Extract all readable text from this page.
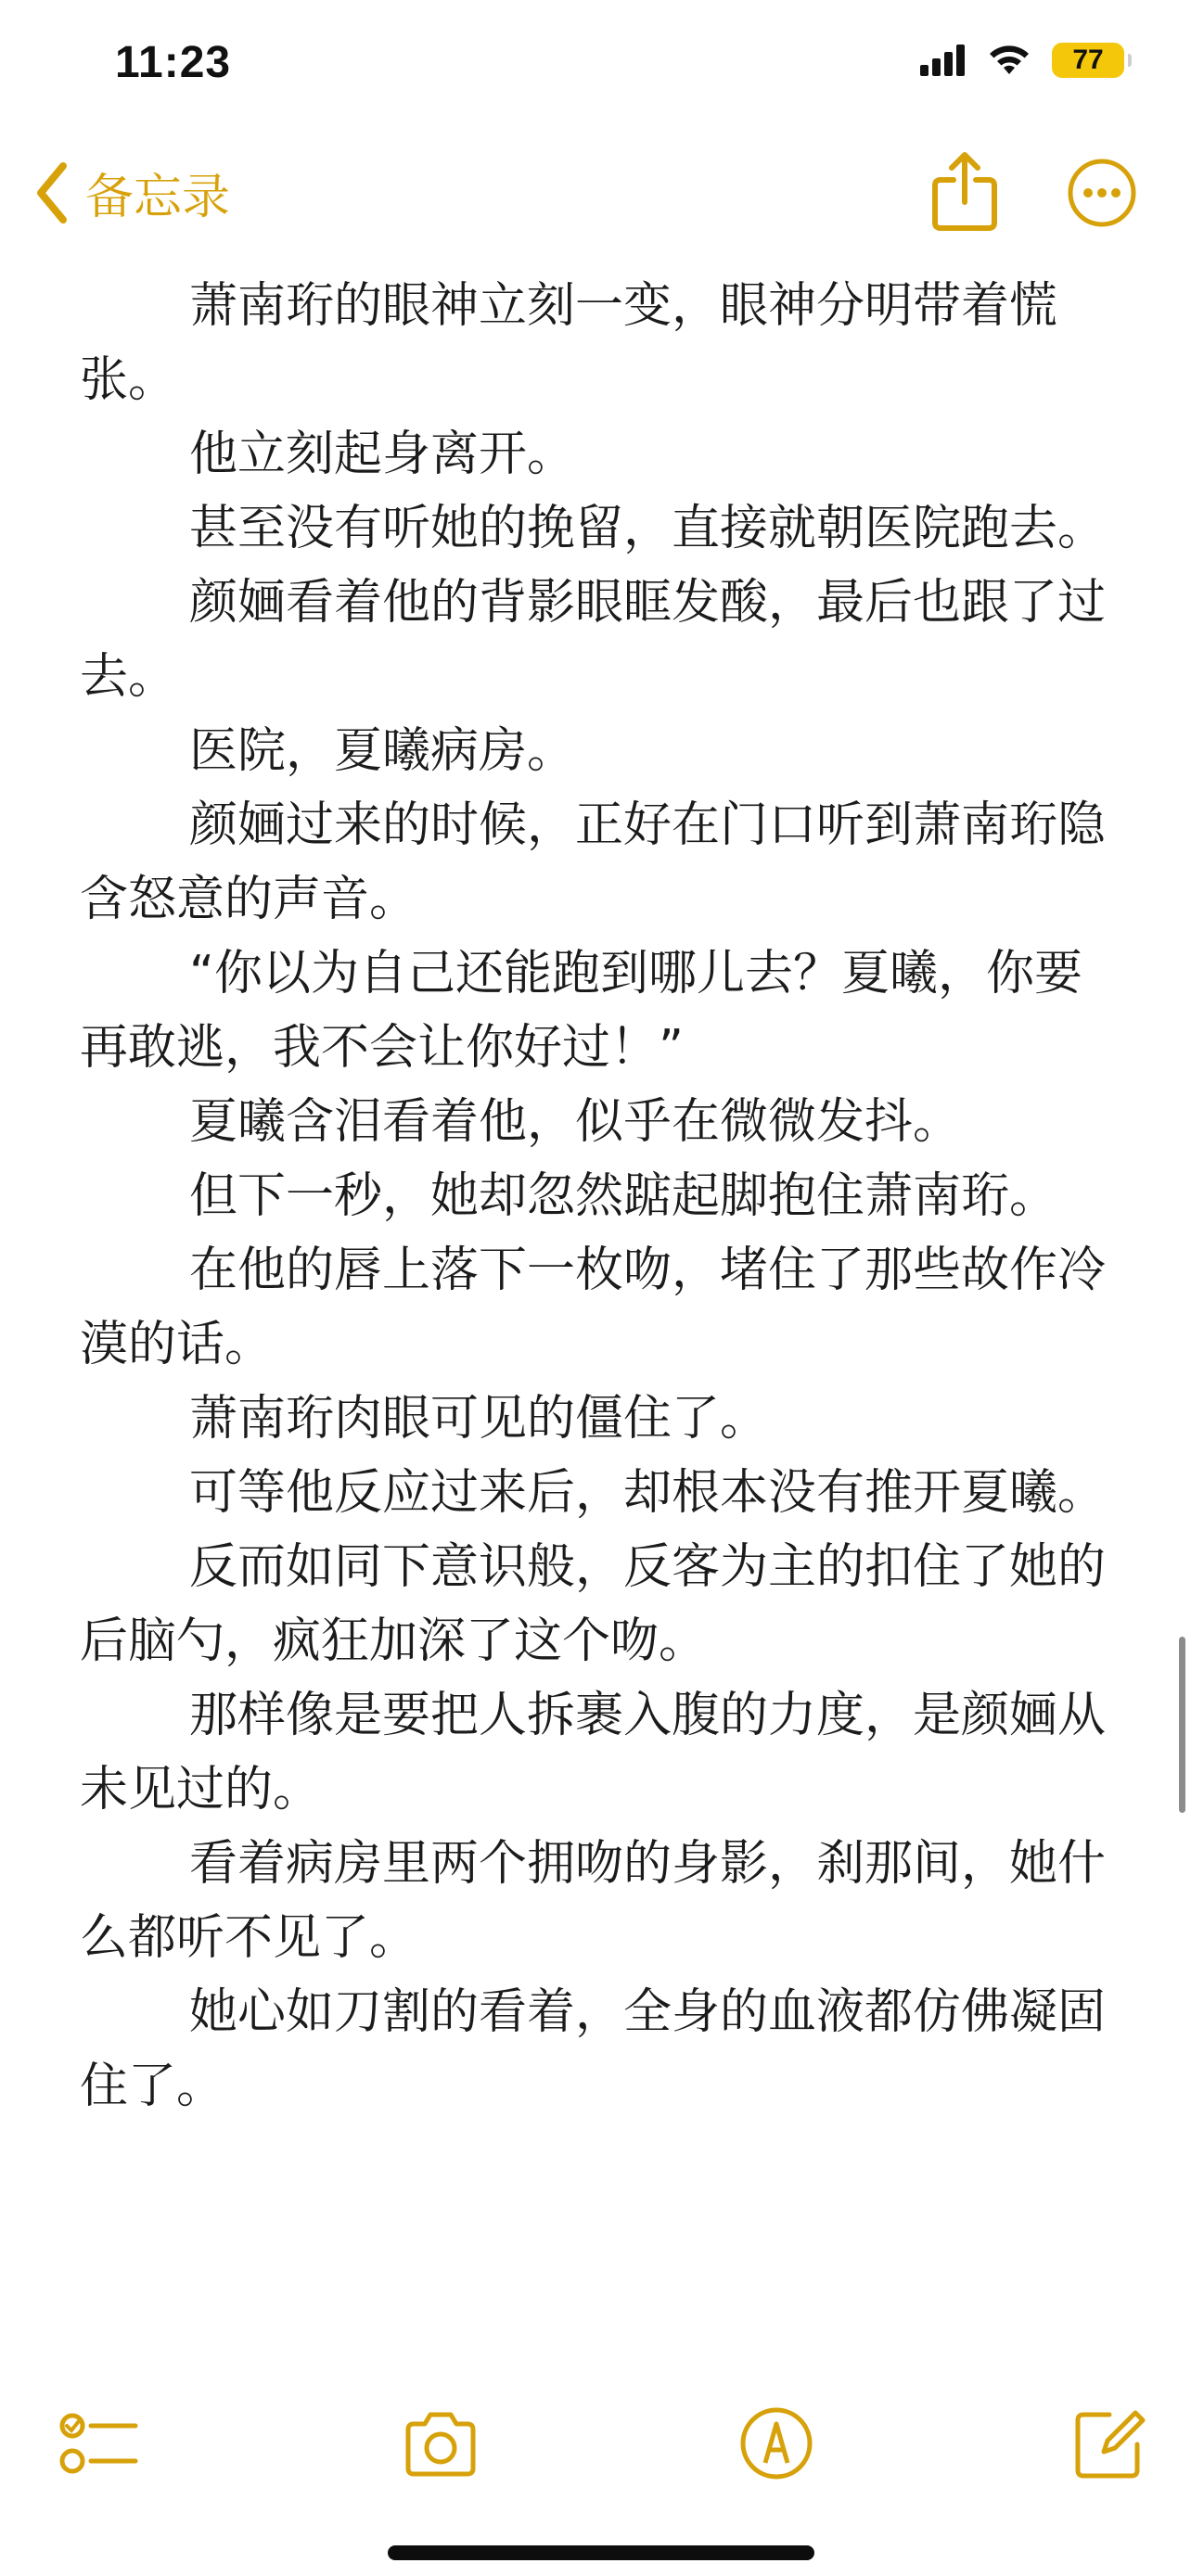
11:23	77
备忘录

萧南珩的眼神立刻一变，眼神分明带着慌张。

他立刻起身离开。

甚至没有听她的挽留，直接就朝医院跑去。

颜婳看着他的背影眼眶发酸，最后也跟了过去。

医院，夏曦病房。

颜婳过来的时候，正好在门口听到萧南珩隐含怒意的声音。

“你以为自己还能跑到哪儿去？夏曦，你要再敢逃，我不会让你好过！”

夏曦含泪看着他，似乎在微微发抖。

但下一秒，她却忽然踮起脚抱住萧南珩。

在他的唇上落下一枚吻，堵住了那些故作冷漠的话。

萧南珩肉眼可见的僵住了。

可等他反应过来后，却根本没有推开夏曦。

反而如同下意识般，反客为主的扣住了她的后脑勺，疯狂加深了这个吻。

那样像是要把人拆裹入腹的力度，是颜婳从未见过的。

看着病房里两个拥吻的身影，刹那间，她什么都听不见了。

她心如刀割的看着，全身的血液都仿佛凝固住了。
